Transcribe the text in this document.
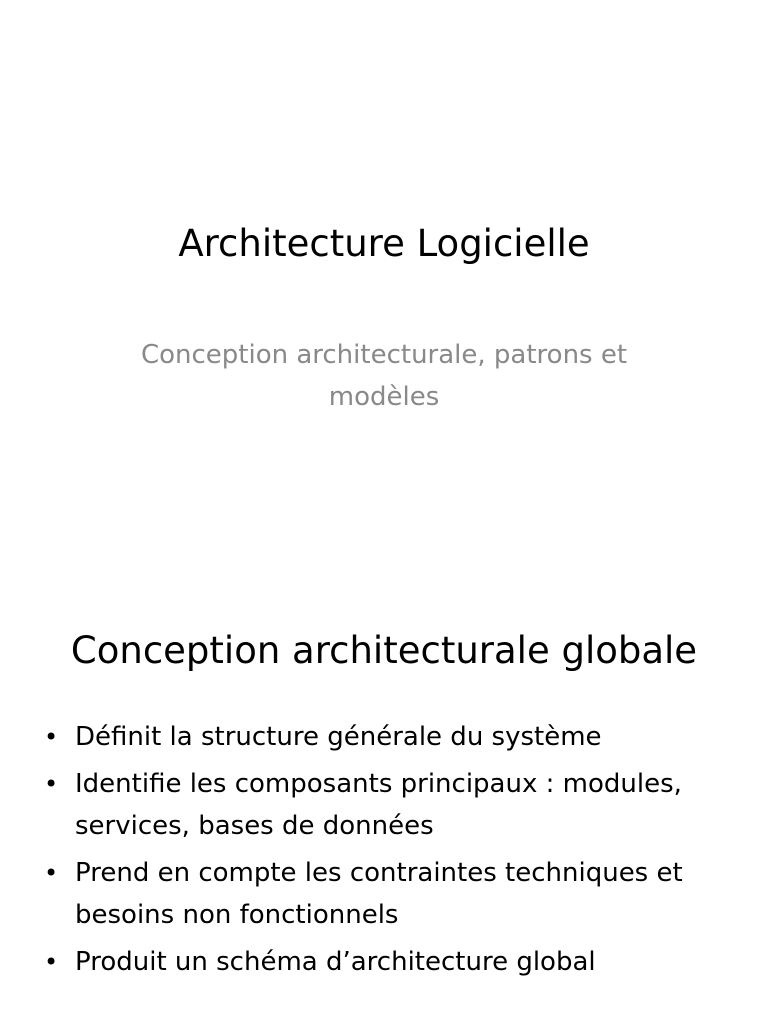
Architecture Logicielle

Conception architecturale, patrons et modèles

Conception architecturale globale
• Définit la structure générale du système
• Identifie les composants principaux : modules, services, bases de données
• Prend en compte les contraintes techniques et besoins non fonctionnels
• Produit un schéma d’architecture global
